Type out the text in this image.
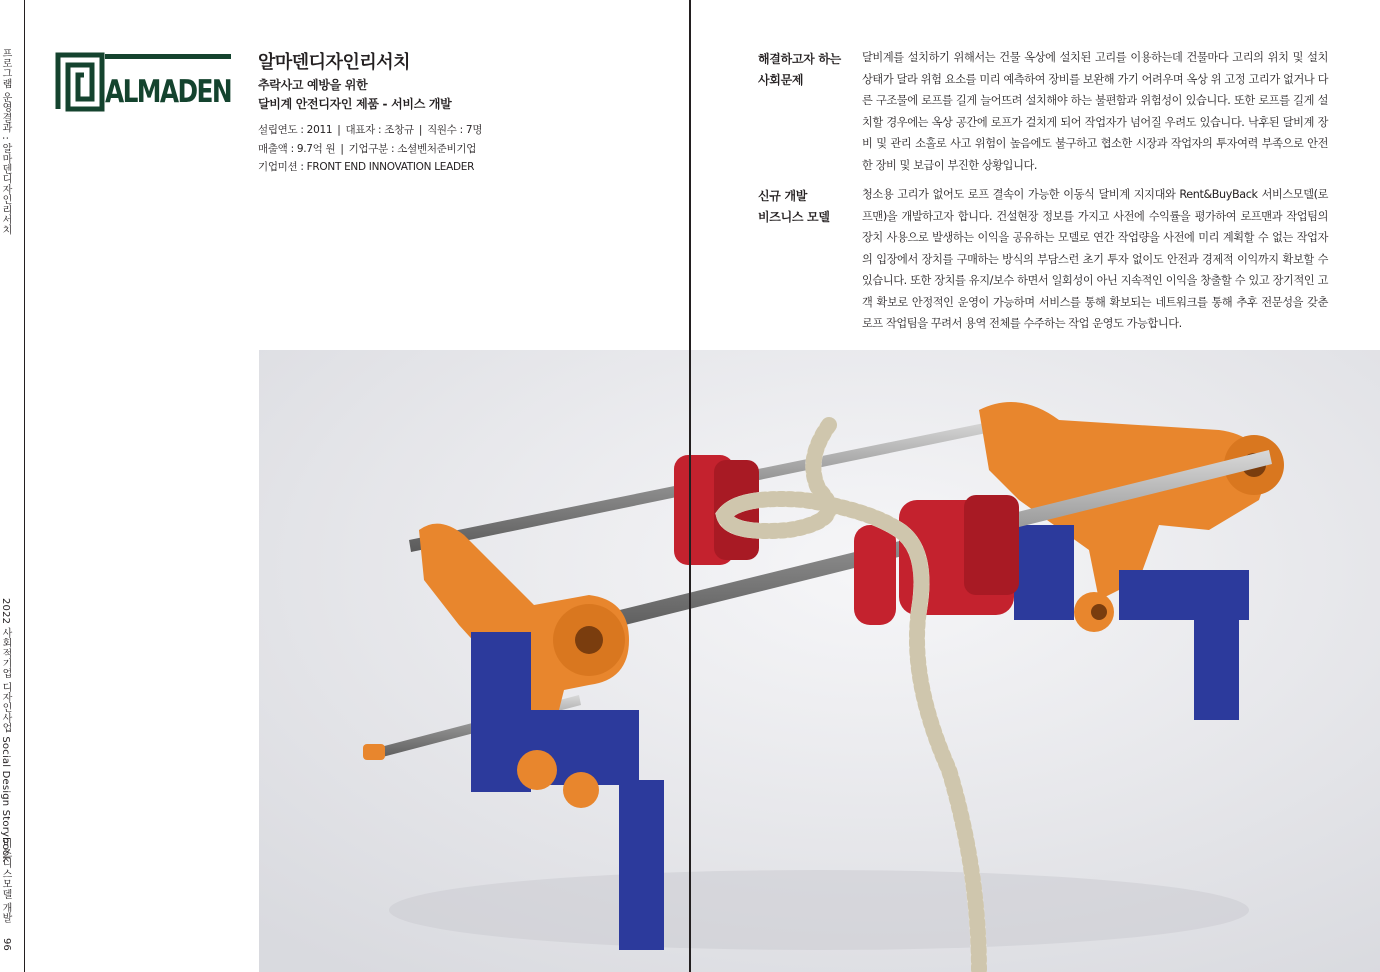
프로그램 운영결과 : 알마덴디자인리서치
2022 사회적기업 디자인사업 Social Design Storybook
비즈니스모델 개발
96
ALMADEN
알마덴디자인리서치
추락사고 예방을 위한
달비계 안전디자인 제품 - 서비스 개발
설립연도 : 2011 | 대표자 : 조창규 | 직원수 : 7명
매출액 : 9.7억 원 | 기업구분 : 소셜벤처준비기업
기업미션 : FRONT END INNOVATION LEADER
해결하고자 하는
사회문제
달비계를 설치하기 위해서는 건물 옥상에 설치된 고리를 이용하는데 건물마다 고리의 위치 및 설치 상태가 달라 위험 요소를 미리 예측하여 장비를 보완해 가기 어려우며 옥상 위 고정 고리가 없거나 다른 구조물에 로프를 길게 늘어뜨려 설치해야 하는 불편함과 위험성이 있습니다. 또한 로프를 길게 설치할 경우에는 옥상 공간에 로프가 걸치게 되어 작업자가 넘어질 우려도 있습니다. 낙후된 달비계 장비 및 관리 소홀로 사고 위험이 높음에도 불구하고 협소한 시장과 작업자의 투자여력 부족으로 안전한 장비 및 보급이 부진한 상황입니다.
신규 개발
비즈니스 모델
청소용 고리가 없어도 로프 결속이 가능한 이동식 달비계 지지대와 Rent&BuyBack 서비스모델(로프맨)을 개발하고자 합니다. 건설현장 정보를 가지고 사전에 수익률을 평가하여 로프맨과 작업팀의 장치 사용으로 발생하는 이익을 공유하는 모델로 연간 작업량을 사전에 미리 계획할 수 없는 작업자의 입장에서 장치를 구매하는 방식의 부담스런 초기 투자 없이도 안전과 경제적 이익까지 확보할 수 있습니다. 또한 장치를 유지/보수 하면서 일회성이 아닌 지속적인 이익을 창출할 수 있고 장기적인 고객 확보로 안정적인 운영이 가능하며 서비스를 통해 확보되는 네트워크를 통해 추후 전문성을 갖춘 로프 작업팀을 꾸려서 용역 전체를 수주하는 작업 운영도 가능합니다.
